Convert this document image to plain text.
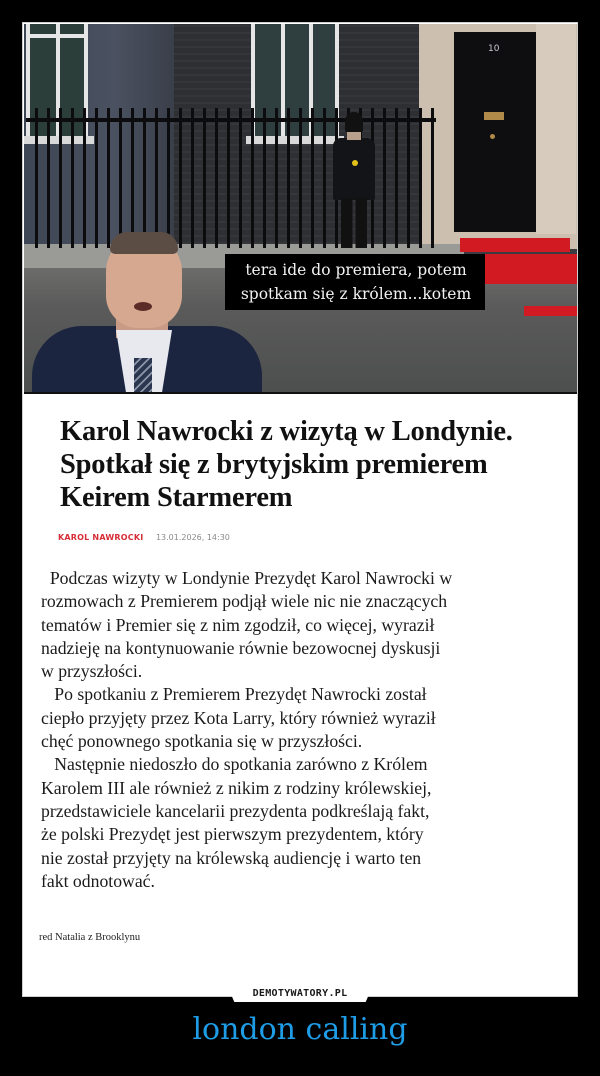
10
tera ide do premiera, potem
spotkam się z królem...kotem
Karol Nawrocki z wizytą w Londynie. Spotkał się z brytyjskim premierem Keirem Starmerem
KAROL NAWROCKI 13.01.2026, 14:30
Podczas wizyty w Londynie Prezydęt Karol Nawrocki w
rozmowach z Premierem podjął wiele nic nie znaczących
tematów i Premier się z nim zgodził, co więcej, wyraził
nadzieję na kontynuowanie równie bezowocnej dyskusji
w przyszłości.
Po spotkaniu z Premierem Prezydęt Nawrocki został
ciepło przyjęty przez Kota Larry, który również wyraził
chęć ponownego spotkania się w przyszłości.
Następnie niedoszło do spotkania zarówno z Królem
Karolem III ale również z nikim z rodziny królewskiej,
przedstawiciele kancelarii prezydenta podkreślają fakt,
że polski Prezydęt jest pierwszym prezydentem, który
nie został przyjęty na królewską audiencję i warto ten
fakt odnotować.
red Natalia z Brooklynu
DEMOTYWATORY.PL
london calling
